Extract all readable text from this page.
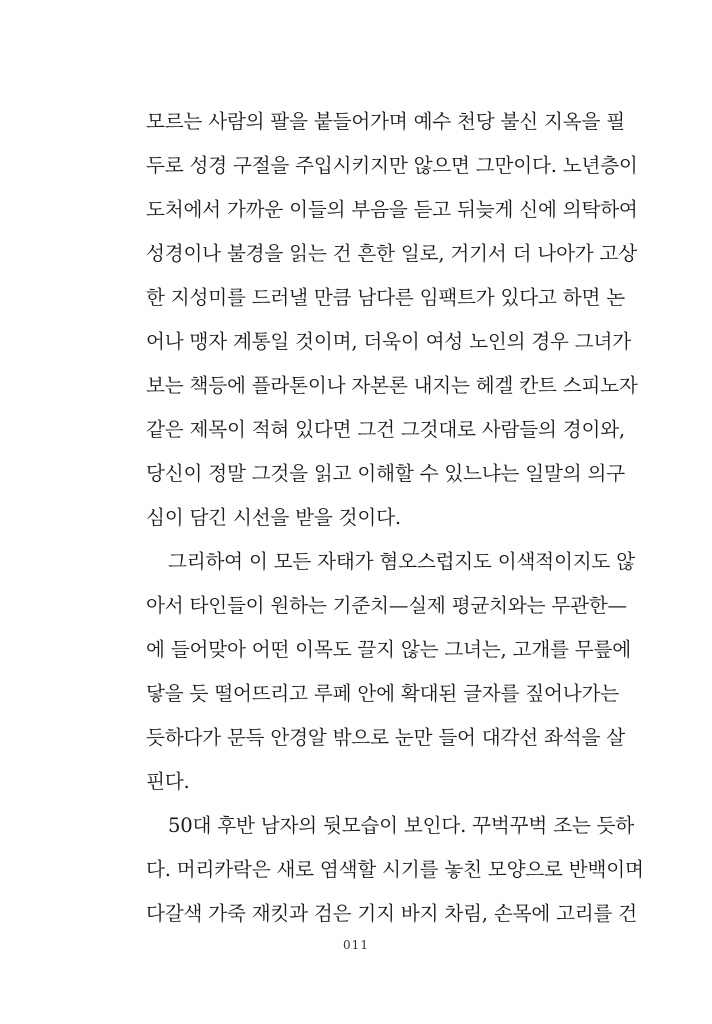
모르는 사람의 팔을 붙들어가며 예수 천당 불신 지옥을 필
두로 성경 구절을 주입시키지만 않으면 그만이다. 노년층이
도처에서 가까운 이들의 부음을 듣고 뒤늦게 신에 의탁하여
성경이나 불경을 읽는 건 흔한 일로, 거기서 더 나아가 고상
한 지성미를 드러낼 만큼 남다른 임팩트가 있다고 하면 논
어나 맹자 계통일 것이며, 더욱이 여성 노인의 경우 그녀가
보는 책등에 플라톤이나 자본론 내지는 헤겔 칸트 스피노자
같은 제목이 적혀 있다면 그건 그것대로 사람들의 경이와,
당신이 정말 그것을 읽고 이해할 수 있느냐는 일말의 의구
심이 담긴 시선을 받을 것이다.
그리하여 이 모든 자태가 혐오스럽지도 이색적이지도 않
아서 타인들이 원하는 기준치—실제 평균치와는 무관한—
에 들어맞아 어떤 이목도 끌지 않는 그녀는, 고개를 무릎에
닿을 듯 떨어뜨리고 루페 안에 확대된 글자를 짚어나가는
듯하다가 문득 안경알 밖으로 눈만 들어 대각선 좌석을 살
핀다.
50대 후반 남자의 뒷모습이 보인다. 꾸벅꾸벅 조는 듯하
다. 머리카락은 새로 염색할 시기를 놓친 모양으로 반백이며
다갈색 가죽 재킷과 검은 기지 바지 차림, 손목에 고리를 건
011
